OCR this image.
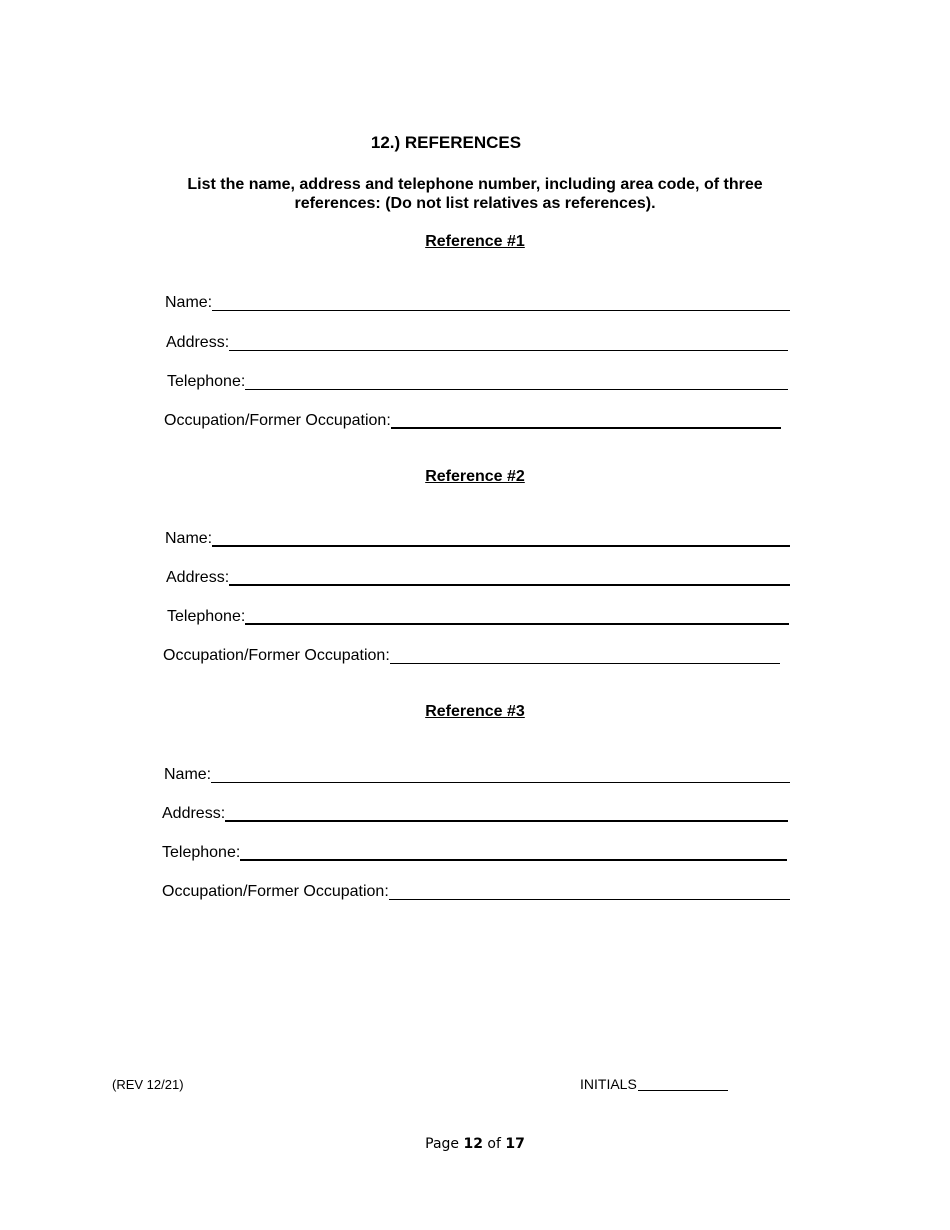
12.) REFERENCES

List the name, address and telephone number, including area code, of three references: (Do not list relatives as references).

Reference #1
Name:
Address:
Telephone:
Occupation/Former Occupation:
Reference #2
Name:
Address:
Telephone:
Occupation/Former Occupation:
Reference #3
Name:
Address:
Telephone:
Occupation/Former Occupation:
(REV 12/21)	INITIALS
Page 12 of 17
